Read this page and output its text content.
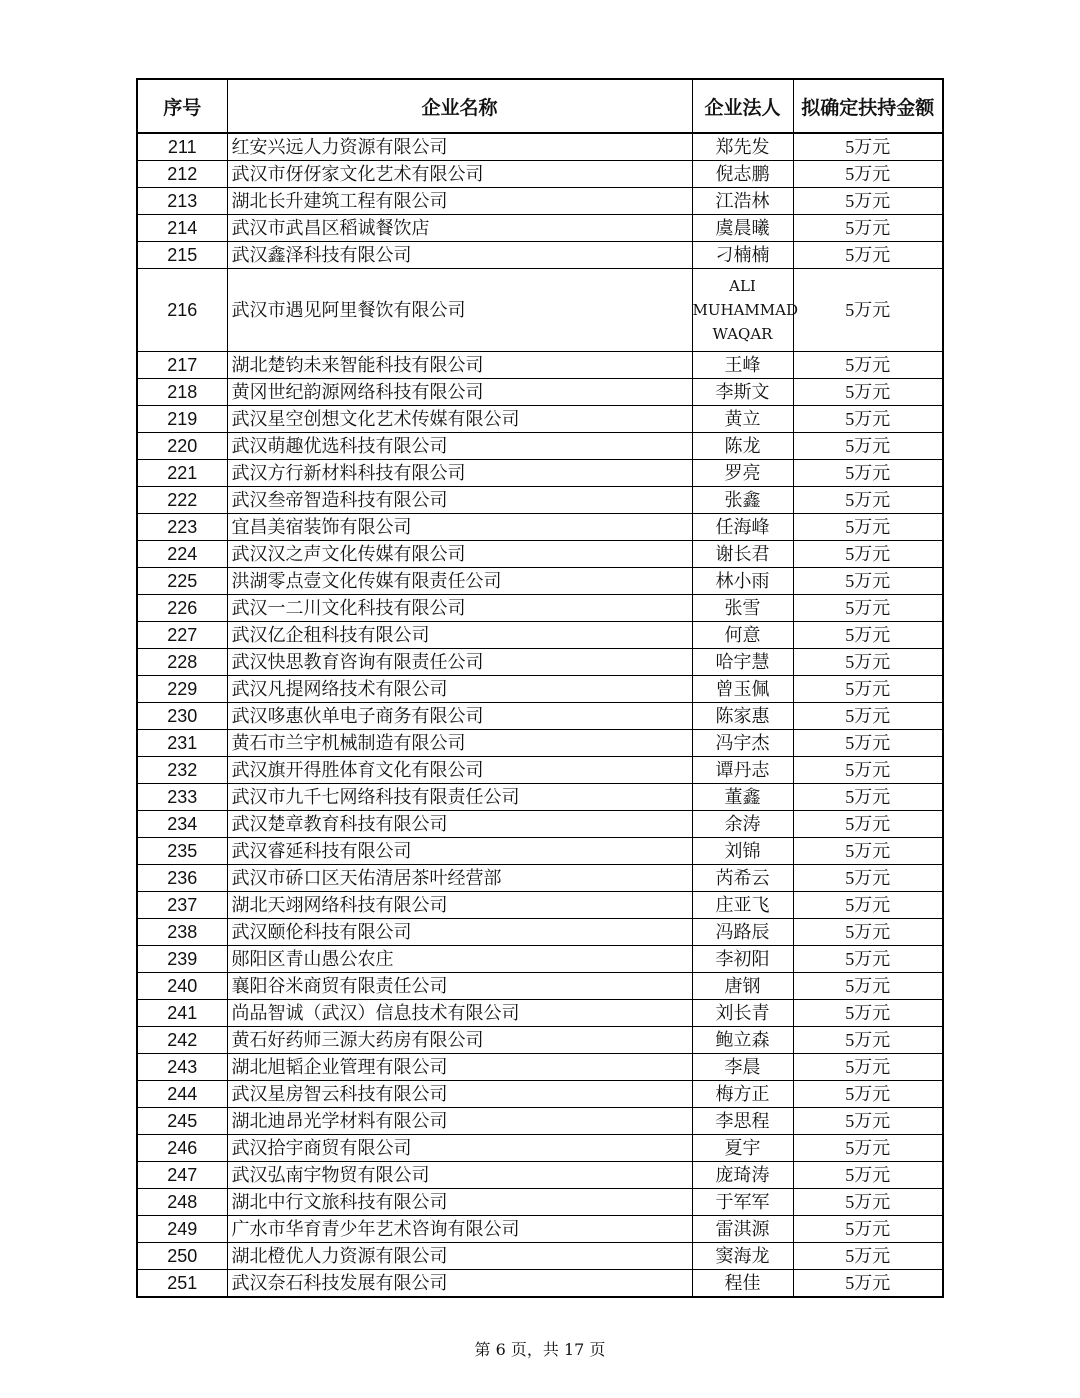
序号	企业名称	企业法人	拟确定扶持金额
211	红安兴远人力资源有限公司	郑先发	5万元
212	武汉市伢伢家文化艺术有限公司	倪志鹏	5万元
213	湖北长升建筑工程有限公司	江浩林	5万元
214	武汉市武昌区稻诚餐饮店	虞晨曦	5万元
215	武汉鑫泽科技有限公司	刁楠楠	5万元
216	武汉市遇见阿里餐饮有限公司	ALI
MUHAMMAD
WAQAR	5万元
217	湖北楚钧未来智能科技有限公司	王峰	5万元
218	黄冈世纪韵源网络科技有限公司	李斯文	5万元
219	武汉星空创想文化艺术传媒有限公司	黄立	5万元
220	武汉萌趣优选科技有限公司	陈龙	5万元
221	武汉方行新材料科技有限公司	罗亮	5万元
222	武汉叁帝智造科技有限公司	张鑫	5万元
223	宜昌美宿装饰有限公司	任海峰	5万元
224	武汉汉之声文化传媒有限公司	谢长君	5万元
225	洪湖零点壹文化传媒有限责任公司	林小雨	5万元
226	武汉一二川文化科技有限公司	张雪	5万元
227	武汉亿企租科技有限公司	何意	5万元
228	武汉快思教育咨询有限责任公司	哈宇慧	5万元
229	武汉凡提网络技术有限公司	曾玉佩	5万元
230	武汉哆惠伙单电子商务有限公司	陈家惠	5万元
231	黄石市兰宇机械制造有限公司	冯宇杰	5万元
232	武汉旗开得胜体育文化有限公司	谭丹志	5万元
233	武汉市九千七网络科技有限责任公司	董鑫	5万元
234	武汉楚章教育科技有限公司	余涛	5万元
235	武汉睿延科技有限公司	刘锦	5万元
236	武汉市硚口区天佑清居茶叶经营部	芮希云	5万元
237	湖北天翊网络科技有限公司	庄亚飞	5万元
238	武汉颐伦科技有限公司	冯路辰	5万元
239	郧阳区青山愚公农庄	李初阳	5万元
240	襄阳谷米商贸有限责任公司	唐钢	5万元
241	尚品智诚（武汉）信息技术有限公司	刘长青	5万元
242	黄石好药师三源大药房有限公司	鲍立森	5万元
243	湖北旭韬企业管理有限公司	李晨	5万元
244	武汉星房智云科技有限公司	梅方正	5万元
245	湖北迪昂光学材料有限公司	李思程	5万元
246	武汉拾宇商贸有限公司	夏宇	5万元
247	武汉弘南宇物贸有限公司	庞琦涛	5万元
248	湖北中行文旅科技有限公司	于军军	5万元
249	广水市华育青少年艺术咨询有限公司	雷淇源	5万元
250	湖北橙优人力资源有限公司	窦海龙	5万元
251	武汉奈石科技发展有限公司	程佳	5万元
第 6 页，共 17 页
